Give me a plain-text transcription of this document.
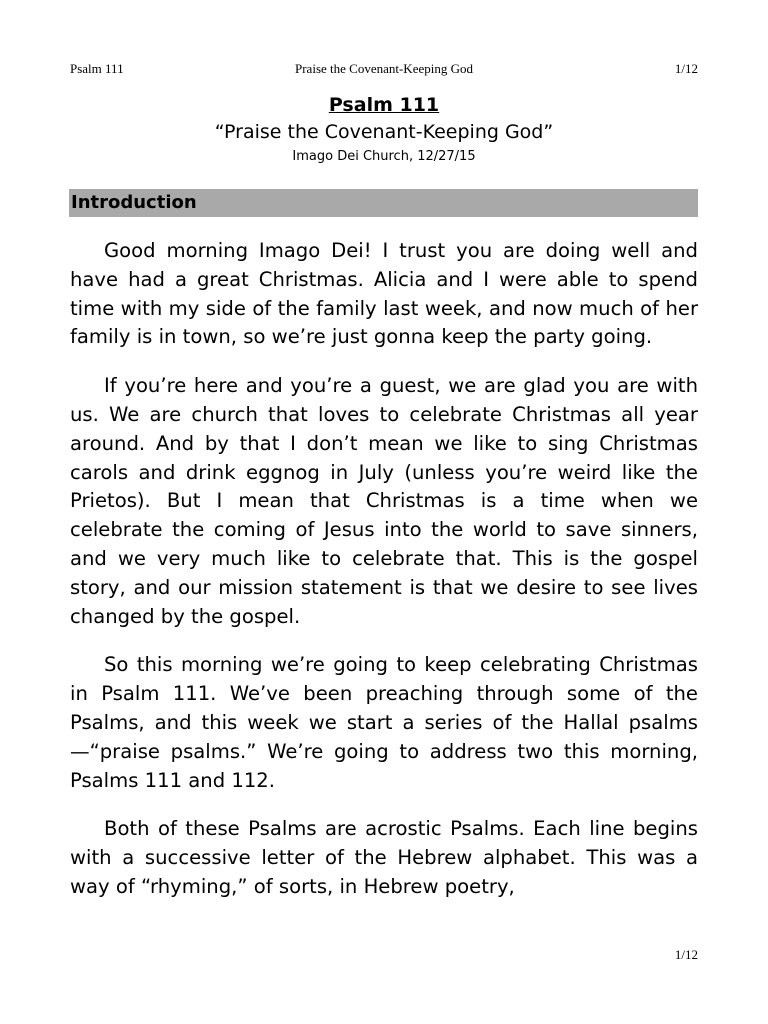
Praise the Covenant-Keeping God
Psalm 111	1/12

Psalm 111

“Praise the Covenant-Keeping God”

Imago Dei Church, 12/27/15

Introduction

Good morning Imago Dei! I trust you are doing well and have had a great Christmas. Alicia and I were able to spend time with my side of the family last week, and now much of her family is in town, so we’re just gonna keep the party going.

If you’re here and you’re a guest, we are glad you are with us. We are church that loves to celebrate Christmas all year around. And by that I don’t mean we like to sing Christmas carols and drink eggnog in July (unless you’re weird like the Prietos). But I mean that Christmas is a time when we celebrate the coming of Jesus into the world to save sinners, and we very much like to celebrate that. This is the gospel story, and our mission statement is that we desire to see lives changed by the gospel.

So this morning we’re going to keep celebrating Christmas in Psalm 111. We’ve been preaching through some of the Psalms, and this week we start a series of the Hallal psalms—“praise psalms.” We’re going to address two this morning, Psalms 111 and 112.

Both of these Psalms are acrostic Psalms. Each line begins with a successive letter of the Hebrew alphabet. This was a way of “rhyming,” of sorts, in Hebrew poetry,

1/12
